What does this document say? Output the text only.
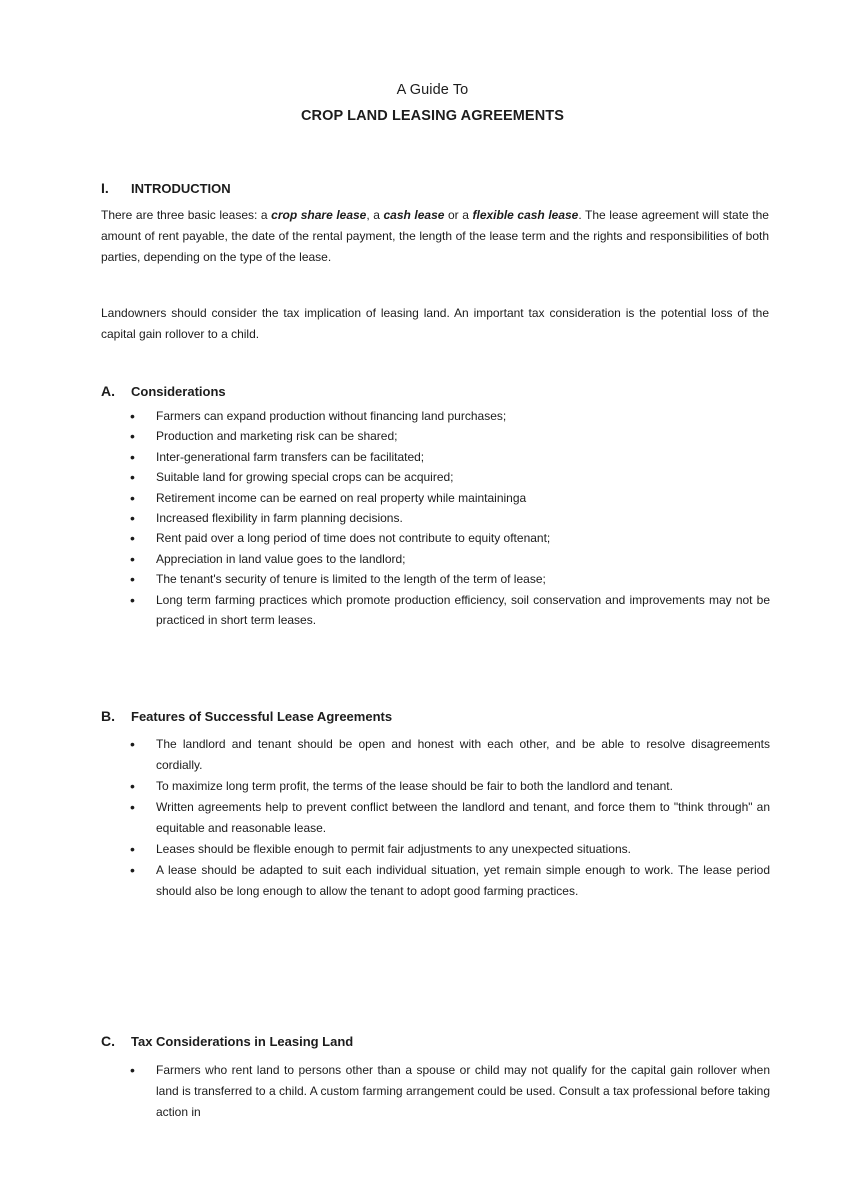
A Guide To
CROP LAND LEASING AGREEMENTS
I. INTRODUCTION

There are three basic leases: a crop share lease, a cash lease or a flexible cash lease. The lease agreement will state the amount of rent payable, the date of the rental payment, the length of the lease term and the rights and responsibilities of both parties, depending on the type of the lease.

Landowners should consider the tax implication of leasing land. An important tax consideration is the potential loss of the capital gain rollover to a child.

A. Considerations
• Farmers can expand production without financing land purchases;
• Production and marketing risk can be shared;
• Inter-generational farm transfers can be facilitated;
• Suitable land for growing special crops can be acquired;
• Retirement income can be earned on real property while maintaininga
• Increased flexibility in farm planning decisions.
• Rent paid over a long period of time does not contribute to equity oftenant;
• Appreciation in land value goes to the landlord;
• The tenant's security of tenure is limited to the length of the term of lease;
• Long term farming practices which promote production efficiency, soil conservation and improvements may not be practiced in short term leases.
B. Features of Successful Lease Agreements
• The landlord and tenant should be open and honest with each other, and be able to resolve disagreements cordially.
• To maximize long term profit, the terms of the lease should be fair to both the landlord and tenant.
• Written agreements help to prevent conflict between the landlord and tenant, and force them to "think through" an equitable and reasonable lease.
• Leases should be flexible enough to permit fair adjustments to any unexpected situations.
• A lease should be adapted to suit each individual situation, yet remain simple enough to work. The lease period should also be long enough to allow the tenant to adopt good farming practices.
C. Tax Considerations in Leasing Land
• Farmers who rent land to persons other than a spouse or child may not qualify for the capital gain rollover when land is transferred to a child. A custom farming arrangement could be used. Consult a tax professional before taking action in
